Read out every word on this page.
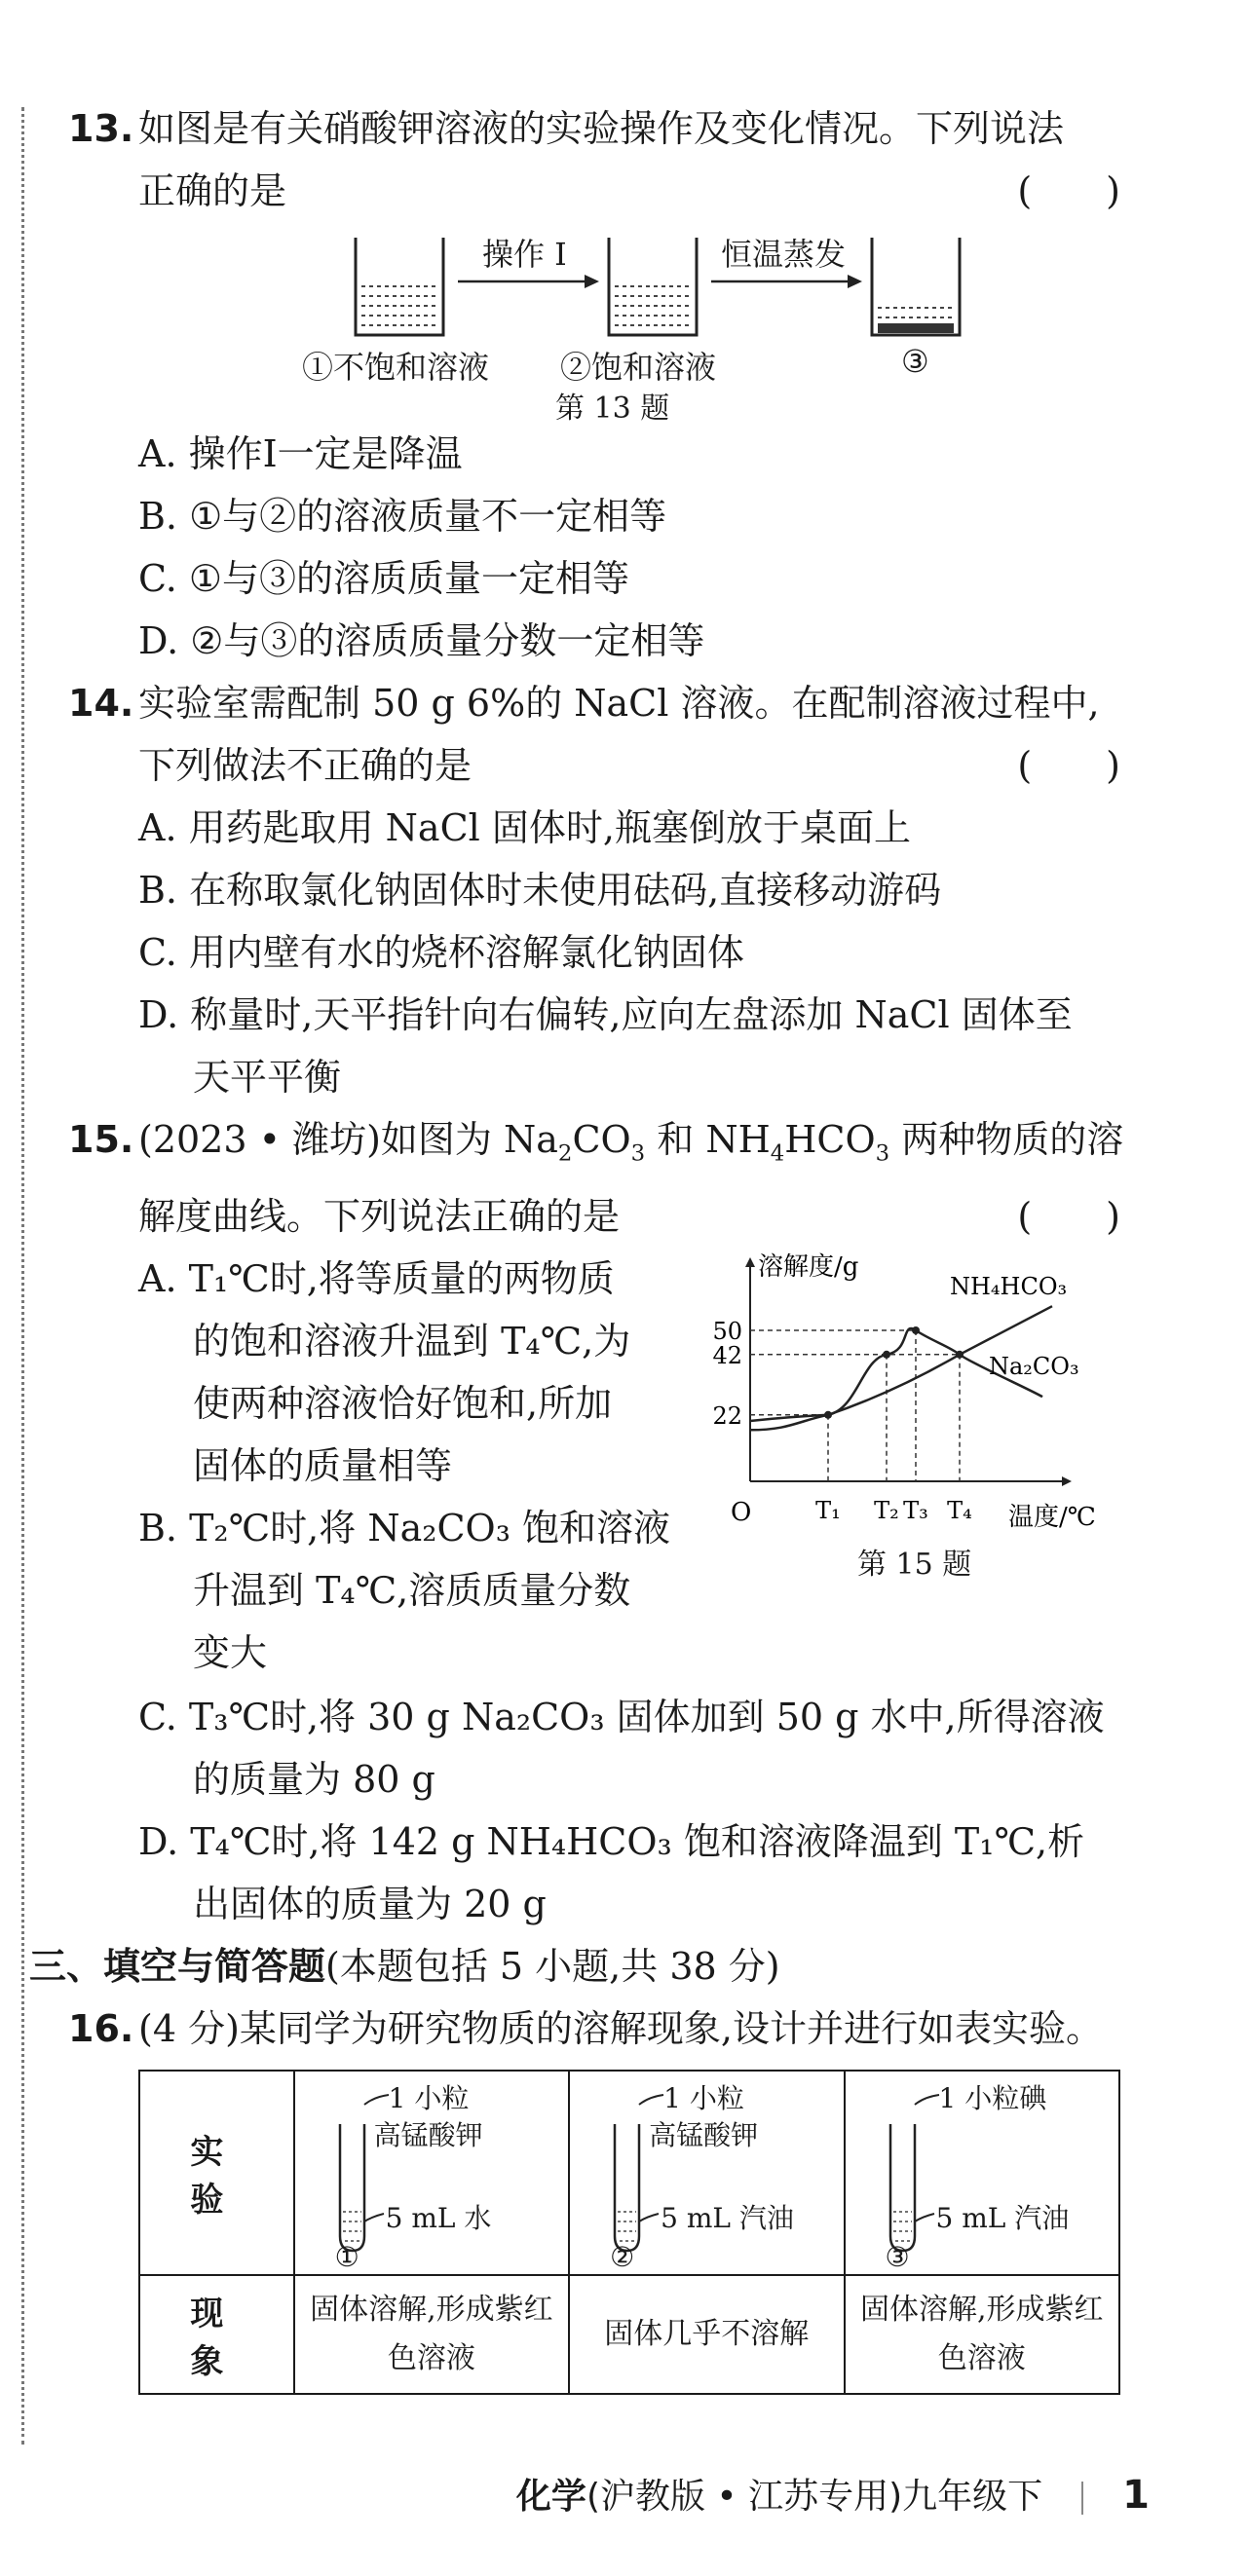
13. 如图是有关硝酸钾溶液的实验操作及变化情况。下列说法
正确的是	(　　)
操作 I	恒温蒸发
①不饱和溶液 ②饱和溶液	③
第 13 题
A. 操作Ⅰ一定是降温
B. ①与②的溶液质量不一定相等
C. ①与③的溶质质量一定相等
D. ②与③的溶质质量分数一定相等
14. 实验室需配制 50 g 6%的 NaCl 溶液。在配制溶液过程中,
下列做法不正确的是	(　　)
A. 用药匙取用 NaCl 固体时,瓶塞倒放于桌面上
B. 在称取氯化钠固体时未使用砝码,直接移动游码
C. 用内壁有水的烧杯溶解氯化钠固体
D. 称量时,天平指针向右偏转,应向左盘添加 NaCl 固体至
天平平衡
15. (2023 • 潍坊)如图为 $Na_2CO_3$ 和 $NH_4HCO_3$ 两种物质的溶
解度曲线。下列说法正确的是	(　　)
A. T₁℃时,将等质量的两物质
的饱和溶液升温到 T₄℃,为
使两种溶液恰好饱和,所加
固体的质量相等
B. T₂℃时,将 Na₂CO₃ 饱和溶液
升温到 T₄℃,溶质质量分数
变大
溶解度/g
温度/℃
O
22
42
50
T₁ T₂ T₃ T₄
NH₄HCO₃
Na₂CO₃
第 15 题
C. T₃℃时,将 30 g Na₂CO₃ 固体加到 50 g 水中,所得溶液
的质量为 80 g
D. T₄℃时,将 142 g NH₄HCO₃ 饱和溶液降温到 T₁℃,析
出固体的质量为 20 g
三、填空与简答题(本题包括 5 小题,共 38 分)
16. (4 分)某同学为研究物质的溶解现象,设计并进行如表实验。
实　验	1 小粒
高锰酸钾
5 mL 水
①	1 小粒
高锰酸钾
5 mL 汽油
②	1 小粒碘
5 mL 汽油
③

现　象	固体溶解,形成紫红色溶液	固体几乎不溶解	固体溶解,形成紫红色溶液
化学(沪教版 • 江苏专用)九年级下 1
